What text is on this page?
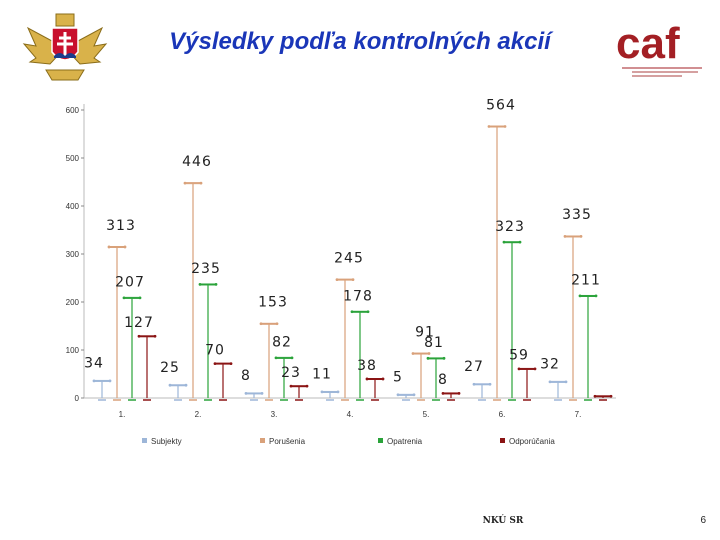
Výsledky podľa kontrolných akcií	caf
0
100
200
300
400
500
600
1.	2.	3.	4.	5.	6.	7.
34
313
207
127
25
446
235
70
8
153
82
23 11
245
178
38
5
91
81
8
27
564
323
59
32
335
211
Subjekty	Porušenia	Opatrenia	Odporúčania
NKÚ SR	6
